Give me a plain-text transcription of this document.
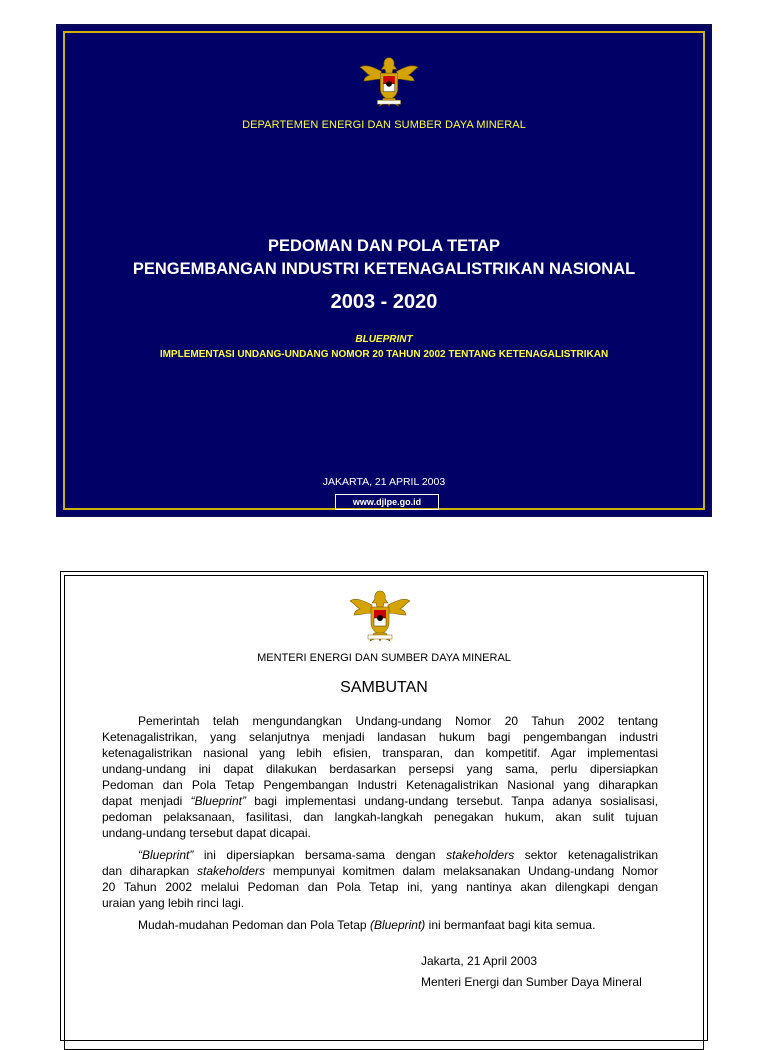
DEPARTEMEN ENERGI DAN SUMBER DAYA MINERAL
PEDOMAN DAN POLA TETAP
PENGEMBANGAN INDUSTRI KETENAGALISTRIKAN NASIONAL
2003 - 2020
BLUEPRINT
IMPLEMENTASI UNDANG-UNDANG NOMOR 20 TAHUN 2002 TENTANG KETENAGALISTRIKAN
JAKARTA, 21 APRIL 2003
www.djlpe.go.id
MENTERI ENERGI DAN SUMBER DAYA MINERAL
SAMBUTAN

Pemerintah telah mengundangkan Undang-undang Nomor 20 Tahun 2002 tentang
Ketenagalistrikan, yang selanjutnya menjadi landasan hukum bagi pengembangan industri
ketenagalistrikan nasional yang lebih efisien, transparan, dan kompetitif. Agar implementasi
undang-undang ini dapat dilakukan berdasarkan persepsi yang sama, perlu dipersiapkan
Pedoman dan Pola Tetap Pengembangan Industri Ketenagalistrikan Nasional yang diharapkan
dapat menjadi “Blueprint” bagi implementasi undang-undang tersebut. Tanpa adanya sosialisasi,
pedoman pelaksanaan, fasilitasi, dan langkah-langkah penegakan hukum, akan sulit tujuan
undang-undang tersebut dapat dicapai.

“Blueprint” ini dipersiapkan bersama-sama dengan stakeholders sektor ketenagalistrikan
dan diharapkan stakeholders mempunyai komitmen dalam melaksanakan Undang-undang Nomor
20 Tahun 2002 melalui Pedoman dan Pola Tetap ini, yang nantinya akan dilengkapi dengan
uraian yang lebih rinci lagi.

Mudah-mudahan Pedoman dan Pola Tetap (Blueprint) ini bermanfaat bagi kita semua.

Jakarta, 21 April 2003
Menteri Energi dan Sumber Daya Mineral
